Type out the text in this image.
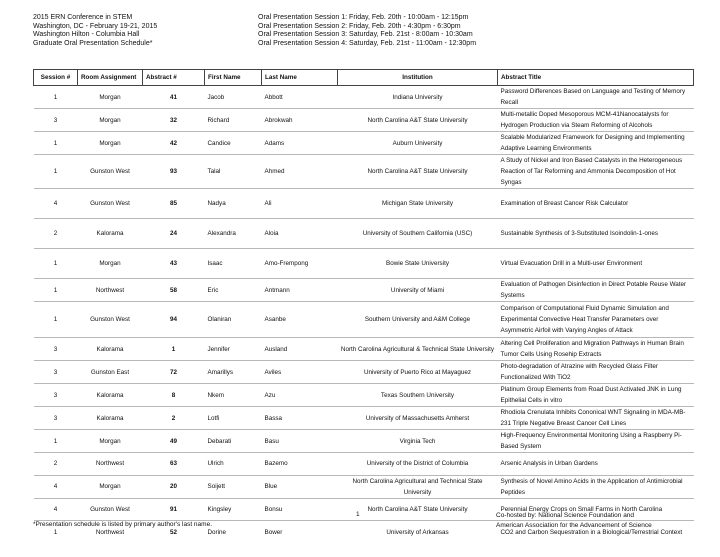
2015 ERN Conference in STEM
Washington, DC - February 19-21, 2015
Washington Hilton - Columbia Hall
Graduate Oral Presentation Schedule*
Oral Presentation Session 1: Friday, Feb. 20th - 10:00am - 12:15pm
Oral Presentation Session 2: Friday, Feb. 20th - 4:30pm - 6:30pm
Oral Presentation Session 3: Saturday, Feb. 21st - 8:00am - 10:30am
Oral Presentation Session 4: Saturday, Feb. 21st - 11:00am - 12:30pm
Session #	Room Assignment	Abstract #	First Name	Last Name	Institution	Abstract Title
1	Morgan	41	Jacob	Abbott	Indiana University	Password Differences Based on Language and Testing of Memory Recall
3	Morgan	32	Richard	Abrokwah	North Carolina A&T State University	Multi-metallic Doped Mesoporous MCM-41Nanocatalysts for Hydrogen Production via Steam Reforming of Alcohols
1	Morgan	42	Candice	Adams	Auburn University	Scalable Modularized Framework for Designing and Implementing Adaptive Learning Environments
1	Gunston West	93	Talal	Ahmed	North Carolina A&T State University	A Study of Nickel and Iron Based Catalysts in the Heterogeneous Reaction of Tar Reforming and Ammonia Decomposition of Hot Syngas
4	Gunston West	85	Nadya	Ali	Michigan State University	Examination of Breast Cancer Risk Calculator
2	Kalorama	24	Alexandra	Aloia	University of Southern California (USC)	Sustainable Synthesis of 3-Substituted Isoindolin-1-ones
1	Morgan	43	Isaac	Amo-Frempong	Bowie State University	Virtual Evacuation Drill in a Multi-user Environment
1	Northwest	58	Eric	Antmann	University of Miami	Evaluation of Pathogen Disinfection in Direct Potable Reuse Water Systems
1	Gunston West	94	Olaniran	Asanbe	Southern University and A&M College	Comparison of Computational Fluid Dynamic Simulation and Experimental Convective Heat Transfer Parameters over Asymmetric Airfoil with Varying Angles of Attack
3	Kalorama	1	Jennifer	Ausland	North Carolina Agricultural & Technical State University	Altering Cell Proliferation and Migration Pathways in Human Brain Tumor Cells Using Rosehip Extracts
3	Gunston East	72	Amarillys	Aviles	University of Puerto Rico at Mayaguez	Photo-degradation of Atrazine with Recycled Glass Filter Functionalized With TiO2
3	Kalorama	8	Nkem	Azu	Texas Southern University	Platinum Group Elements from Road Dust Activated JNK in Lung Epithelial Cells in vitro
3	Kalorama	2	Lotfi	Bassa	University of Massachusetts Amherst	Rhodiola Crenulata Inhibits Cononical WNT Signaling in MDA-MB-231 Triple Negative Breast Cancer Cell Lines
1	Morgan	49	Debarati	Basu	Virginia Tech	High-Frequency Environmental Monitoring Using a Raspberry Pi-Based System
2	Northwest	63	Ulrich	Bazemo	University of the District of Columbia	Arsenic Analysis in Urban Gardens
4	Morgan	20	Soijett	Blue	North Carolina Agricultural and Technical State University	Synthesis of Novel Amino Acids in the Application of Antimicrobial Peptides
4	Gunston West	91	Kingsley	Bonsu	North Carolina A&T State University	Perennial Energy Crops on Small Farms in North Carolina
1	Northwest	52	Dorine	Bower	University of Arkansas	CO2 and Carbon Sequestration in a Biological/Terrestrial Context
1
*Presentation schedule is listed by primary author's last name.
Co-hosted by: National Science Foundation and
American Association for the Advancement of Science
